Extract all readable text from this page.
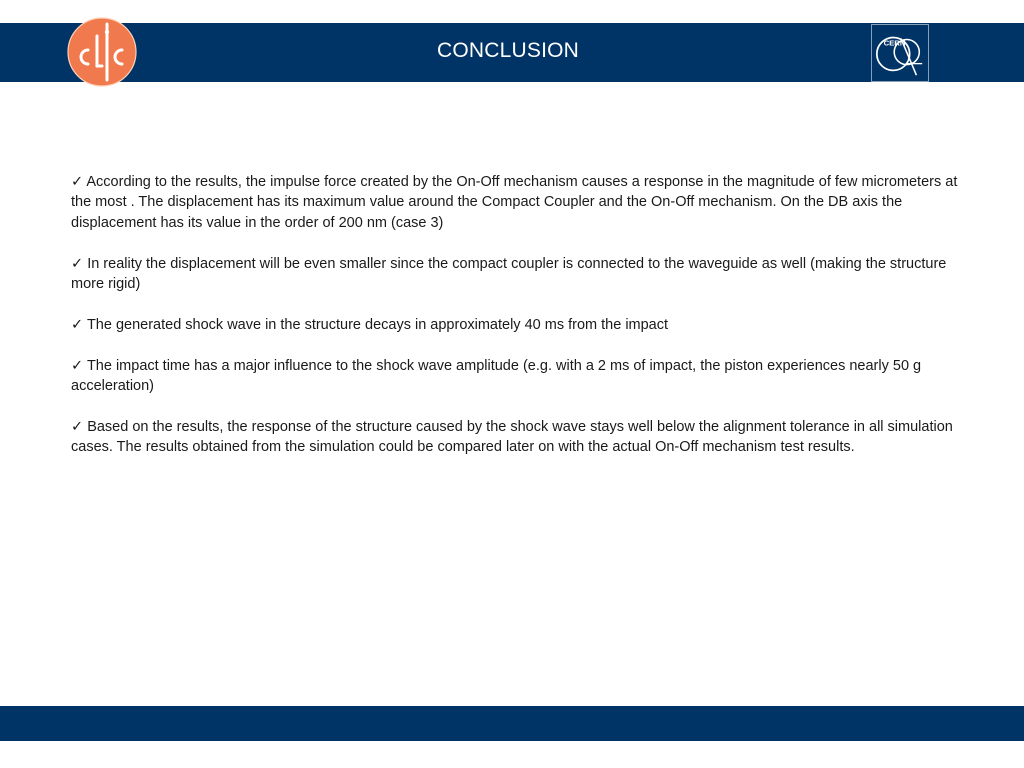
CONCLUSION	CERN

✓ According to the results, the impulse force created by the On-Off mechanism causes a response in the magnitude of few micrometers at the most . The displacement has its maximum value around the Compact Coupler and the On-Off mechanism. On the DB axis the displacement has its value in the order of 200 nm (case 3)

✓ In reality the displacement will be even smaller since the compact coupler is connected to the waveguide as well (making the structure more rigid)

✓ The generated shock wave in the structure decays in approximately 40 ms from the impact

✓ The impact time has a major influence to the shock wave amplitude (e.g. with a 2 ms of impact, the piston experiences nearly 50 g acceleration)

✓ Based on the results, the response of the structure caused by the shock wave stays well below the alignment tolerance in all simulation cases. The results obtained from the simulation could be compared later on with the actual On-Off mechanism test results.
